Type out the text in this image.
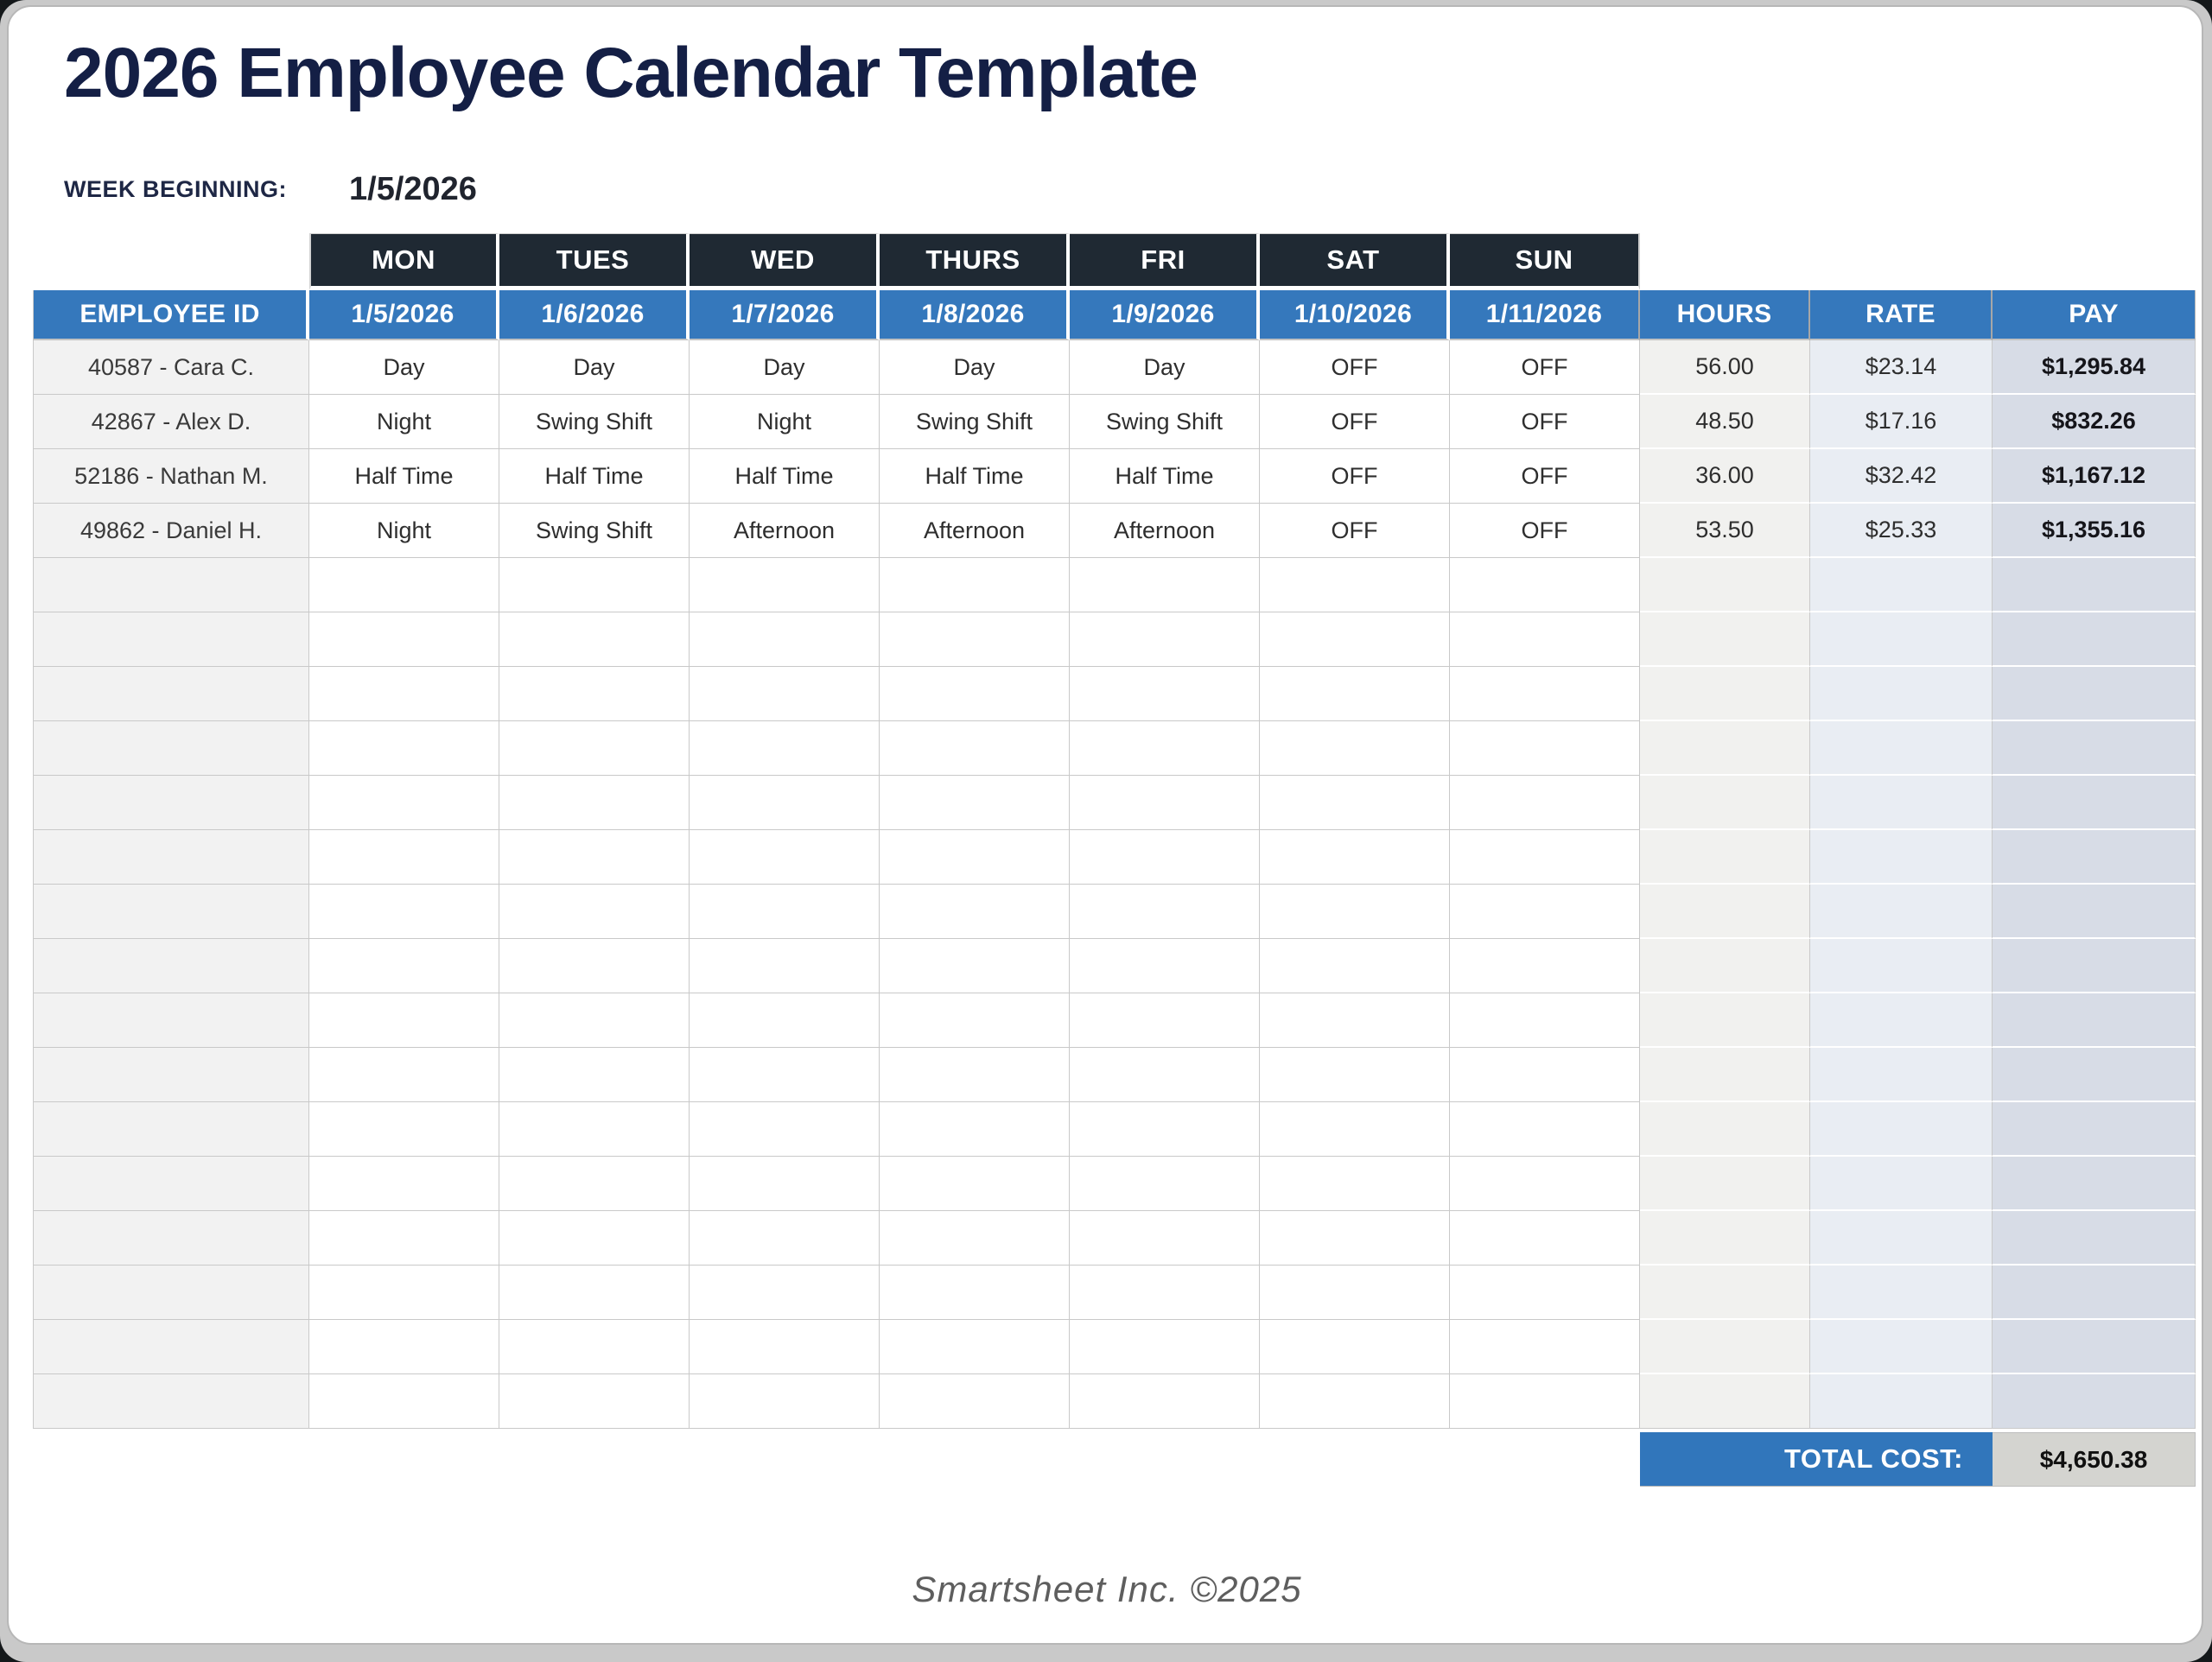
2026 Employee Calendar Template
WEEK BEGINNING: 1/5/2026
	MON	TUES	WED	THURS	FRI	SAT	SUN			
EMPLOYEE ID	1/5/2026	1/6/2026	1/7/2026	1/8/2026	1/9/2026	1/10/2026	1/11/2026	HOURS	RATE	PAY
40587 - Cara C.	Day	Day	Day	Day	Day	OFF	OFF	56.00	$23.14	$1,295.84
42867 - Alex D.	Night	Swing Shift	Night	Swing Shift	Swing Shift	OFF	OFF	48.50	$17.16	$832.26
52186 - Nathan M.	Half Time	Half Time	Half Time	Half Time	Half Time	OFF	OFF	36.00	$32.42	$1,167.12
49862 - Daniel H.	Night	Swing Shift	Afternoon	Afternoon	Afternoon	OFF	OFF	53.50	$25.33	$1,355.16

								TOTAL COST:		$4,650.38
Smartsheet Inc. ©2025
